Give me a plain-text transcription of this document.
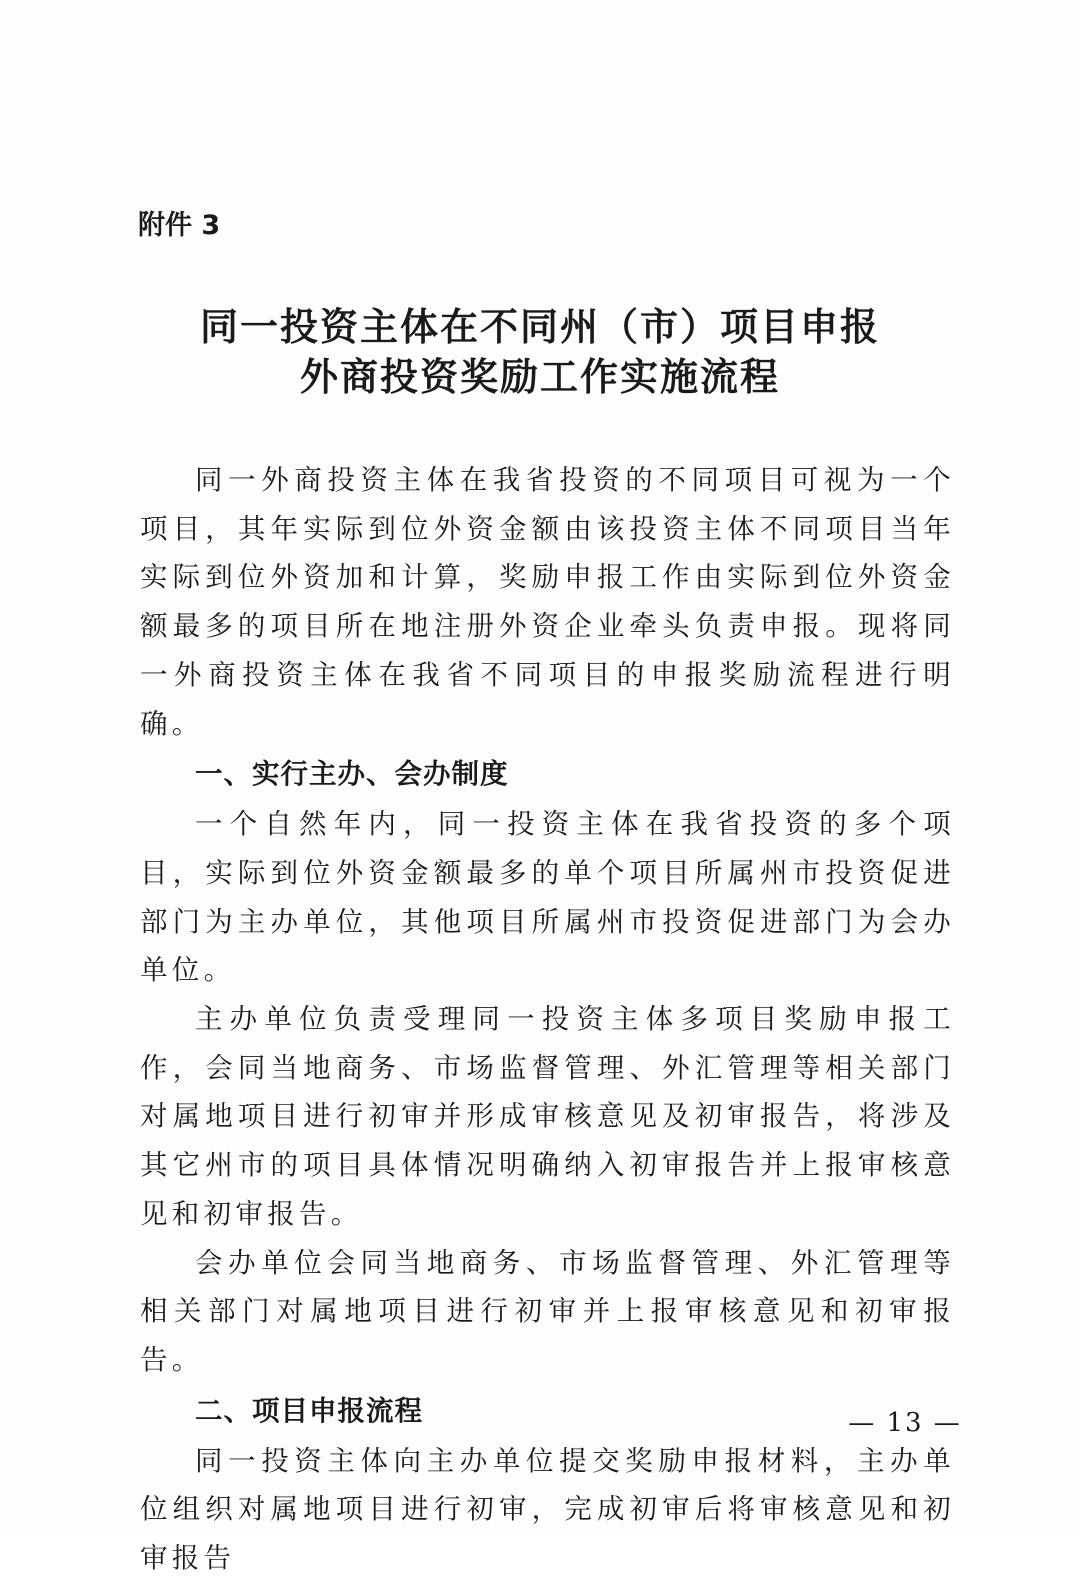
附件 3
同一投资主体在不同州（市）项目申报
外商投资奖励工作实施流程

同一外商投资主体在我省投资的不同项目可视为一个项目，其年实际到位外资金额由该投资主体不同项目当年实际到位外资加和计算，奖励申报工作由实际到位外资金额最多的项目所在地注册外资企业牵头负责申报。现将同一外商投资主体在我省不同项目的申报奖励流程进行明确。

一、实行主办、会办制度

一个自然年内，同一投资主体在我省投资的多个项目，实际到位外资金额最多的单个项目所属州市投资促进部门为主办单位，其他项目所属州市投资促进部门为会办单位。

主办单位负责受理同一投资主体多项目奖励申报工作，会同当地商务、市场监督管理、外汇管理等相关部门对属地项目进行初审并形成审核意见及初审报告，将涉及其它州市的项目具体情况明确纳入初审报告并上报审核意见和初审报告。

会办单位会同当地商务、市场监督管理、外汇管理等相关部门对属地项目进行初审并上报审核意见和初审报告。

二、项目申报流程

同一投资主体向主办单位提交奖励申报材料，主办单位组织对属地项目进行初审，完成初审后将审核意见和初审报告

— 13 —
